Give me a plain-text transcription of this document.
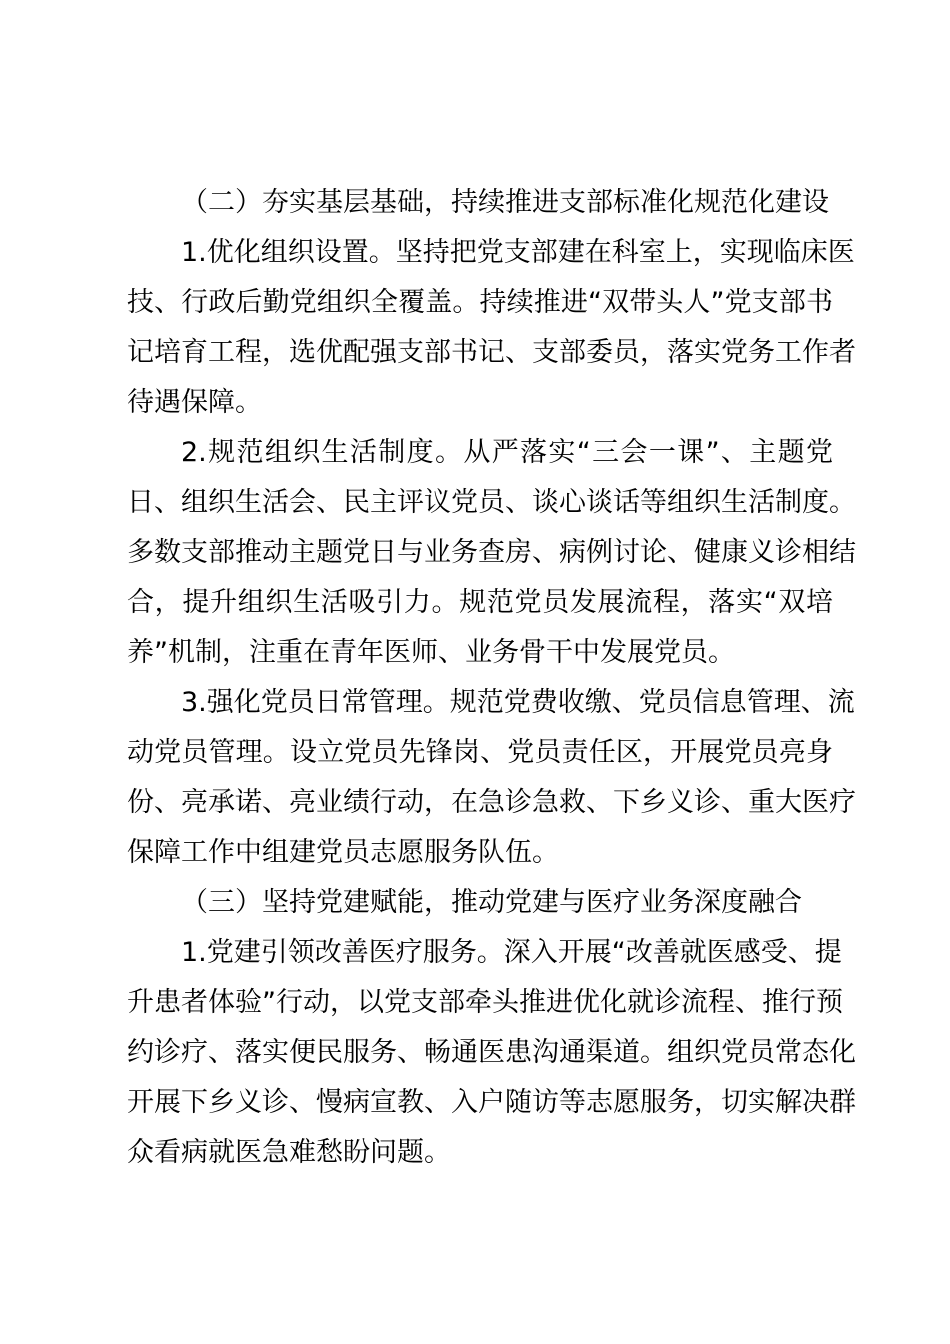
（二）夯实基层基础，持续推进支部标准化规范化建设

1.优化组织设置。坚持把党支部建在科室上，实现临床医
技、行政后勤党组织全覆盖。持续推进“双带头人”党支部书
记培育工程，选优配强支部书记、支部委员，落实党务工作者
待遇保障。
2.规范组织生活制度。从严落实“三会一课”、主题党
日、组织生活会、民主评议党员、谈心谈话等组织生活制度。
多数支部推动主题党日与业务查房、病例讨论、健康义诊相结
合，提升组织生活吸引力。规范党员发展流程，落实“双培
养”机制，注重在青年医师、业务骨干中发展党员。
3.强化党员日常管理。规范党费收缴、党员信息管理、流
动党员管理。设立党员先锋岗、党员责任区，开展党员亮身
份、亮承诺、亮业绩行动，在急诊急救、下乡义诊、重大医疗
保障工作中组建党员志愿服务队伍。

（三）坚持党建赋能，推动党建与医疗业务深度融合

1.党建引领改善医疗服务。深入开展“改善就医感受、提
升患者体验”行动，以党支部牵头推进优化就诊流程、推行预
约诊疗、落实便民服务、畅通医患沟通渠道。组织党员常态化
开展下乡义诊、慢病宣教、入户随访等志愿服务，切实解决群
众看病就医急难愁盼问题。
